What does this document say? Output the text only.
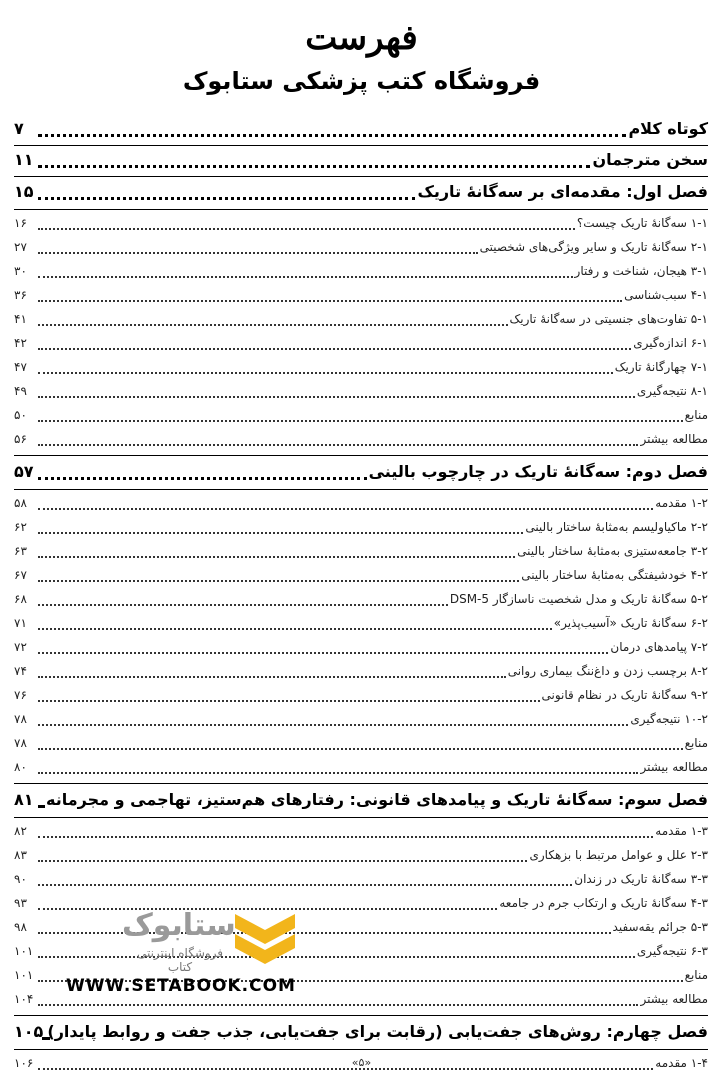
فهرست
فروشگاه کتب پزشکی ستابوک
کوتاه کلام
۷
سخن مترجمان
۱۱
فصل اول: مقدمه‌ای بر سه‌گانهٔ تاریک
۱۵
۱-۱ سه‌گانهٔ تاریک چیست؟
۱۶
۲-۱ سه‌گانهٔ تاریک و سایر ویژگی‌های شخصیتی
۲۷
۳-۱ هیجان، شناخت و رفتار
۳۰
۴-۱ سبب‌شناسی
۳۶
۵-۱ تفاوت‌های جنسیتی در سه‌گانهٔ تاریک
۴۱
۶-۱ اندازه‌گیری
۴۲
۷-۱ چهارگانهٔ تاریک
۴۷
۸-۱ نتیجه‌گیری
۴۹
منابع
۵۰
مطالعه بیشتر
۵۶
فصل دوم: سه‌گانهٔ تاریک در چارچوب بالینی
۵۷
۱-۲ مقدمه
۵۸
۲-۲ ماکیاولیسم به‌مثابهٔ ساختار بالینی
۶۲
۳-۲ جامعه‌ستیزی به‌مثابهٔ ساختار بالینی
۶۳
۴-۲ خودشیفتگی به‌مثابهٔ ساختار بالینی
۶۷
۵-۲ سه‌گانهٔ تاریک و مدل شخصیت ناسازگار DSM-5
۶۸
۶-۲ سه‌گانهٔ تاریک «آسیب‌پذیر»
۷۱
۷-۲ پیامدهای درمان
۷۲
۸-۲ برچسب زدن و داغ‌ننگ بیماری روانی
۷۴
۹-۲ سه‌گانهٔ تاریک در نظام قانونی
۷۶
۱۰-۲ نتیجه‌گیری
۷۸
منابع
۷۸
مطالعه بیشتر
۸۰
فصل سوم: سه‌گانهٔ تاریک و پیامدهای قانونی: رفتارهای هم‌ستیز، تهاجمی و مجرمانه
۸۱
۱-۳ مقدمه
۸۲
۲-۳ علل و عوامل مرتبط با بزهکاری
۸۳
۳-۳ سه‌گانهٔ تاریک در زندان
۹۰
۴-۳ سه‌گانهٔ تاریک و ارتکاب جرم در جامعه
۹۳
۵-۳ جرائم یقه‌سفید
۹۸
۶-۳ نتیجه‌گیری
۱۰۱
منابع
۱۰۱
مطالعه بیشتر
۱۰۴
فصل چهارم: روش‌های جفت‌یابی (رقابت برای جفت‌یابی، جذب جفت و روابط پایدار)
۱۰۵
۱-۴ مقدمه
۱۰۶	«۵»
ستابوک
فروشگاه اینترنتی کتاب
WWW.SETABOOK.COM
